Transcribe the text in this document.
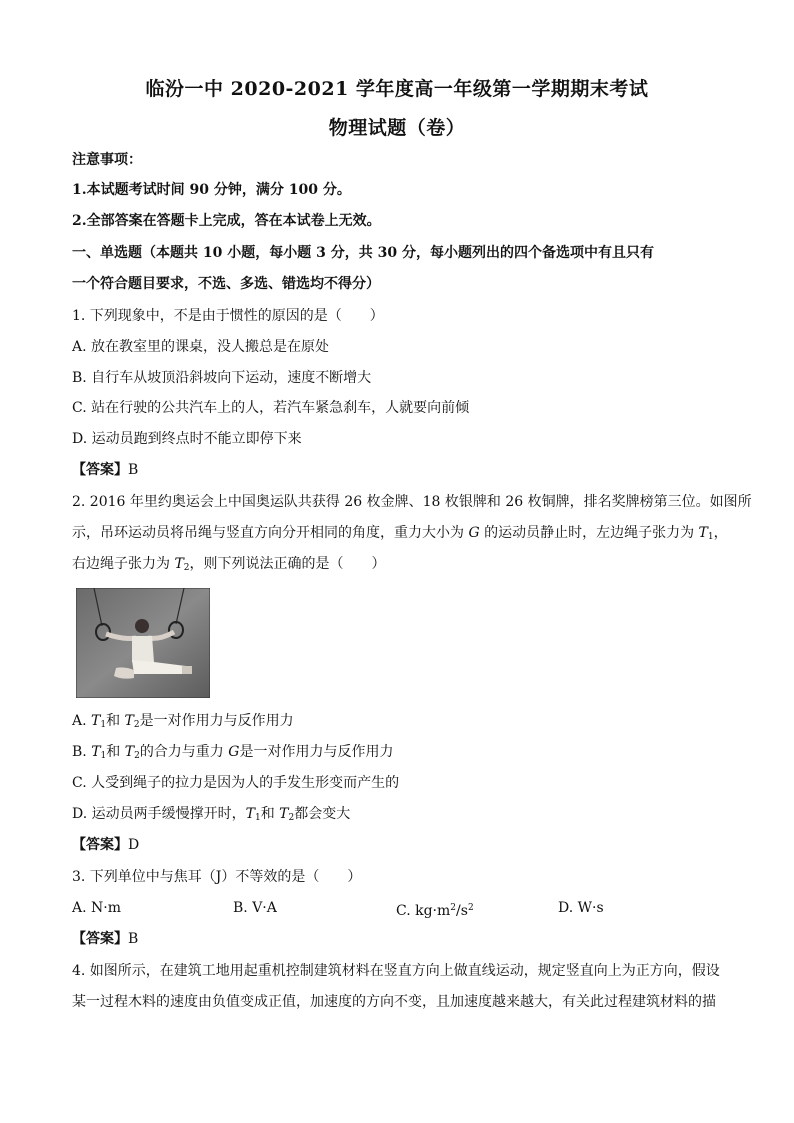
临汾一中 2020-2021 学年度高一年级第一学期期末考试
物理试题（卷）
注意事项：
1.本试题考试时间 90 分钟，满分 100 分。
2.全部答案在答题卡上完成，答在本试卷上无效。
一、单选题（本题共 10 小题，每小题 3 分，共 30 分，每小题列出的四个备选项中有且只有
一个符合题目要求，不选、多选、错选均不得分）
1. 下列现象中，不是由于惯性的原因的是（　　）
A. 放在教室里的课桌，没人搬总是在原处
B. 自行车从坡顶沿斜坡向下运动，速度不断增大
C. 站在行驶的公共汽车上的人，若汽车紧急刹车，人就要向前倾
D. 运动员跑到终点时不能立即停下来
【答案】B
2. 2016 年里约奥运会上中国奥运队共获得 26 枚金牌、18 枚银牌和 26 枚铜牌，排名奖牌榜第三位。如图所
示，吊环运动员将吊绳与竖直方向分开相同的角度，重力大小为 G 的运动员静止时，左边绳子张力为 $T_1$，
右边绳子张力为 $T_2$，则下列说法正确的是（　　）
A. $T_1$和 $T_2$是一对作用力与反作用力
B. $T_1$和 $T_2$的合力与重力 G是一对作用力与反作用力
C. 人受到绳子的拉力是因为人的手发生形变而产生的
D. 运动员两手缓慢撑开时，$T_1$和 $T_2$都会变大
【答案】D
3. 下列单位中与焦耳（J）不等效的是（　　）
A. N·m	B. V·A	C. $kg\cdot m^2/s^2$	D. W·s
【答案】B
4. 如图所示，在建筑工地用起重机控制建筑材料在竖直方向上做直线运动，规定竖直向上为正方向，假设
某一过程木料的速度由负值变成正值，加速度的方向不变，且加速度越来越大，有关此过程建筑材料的描
